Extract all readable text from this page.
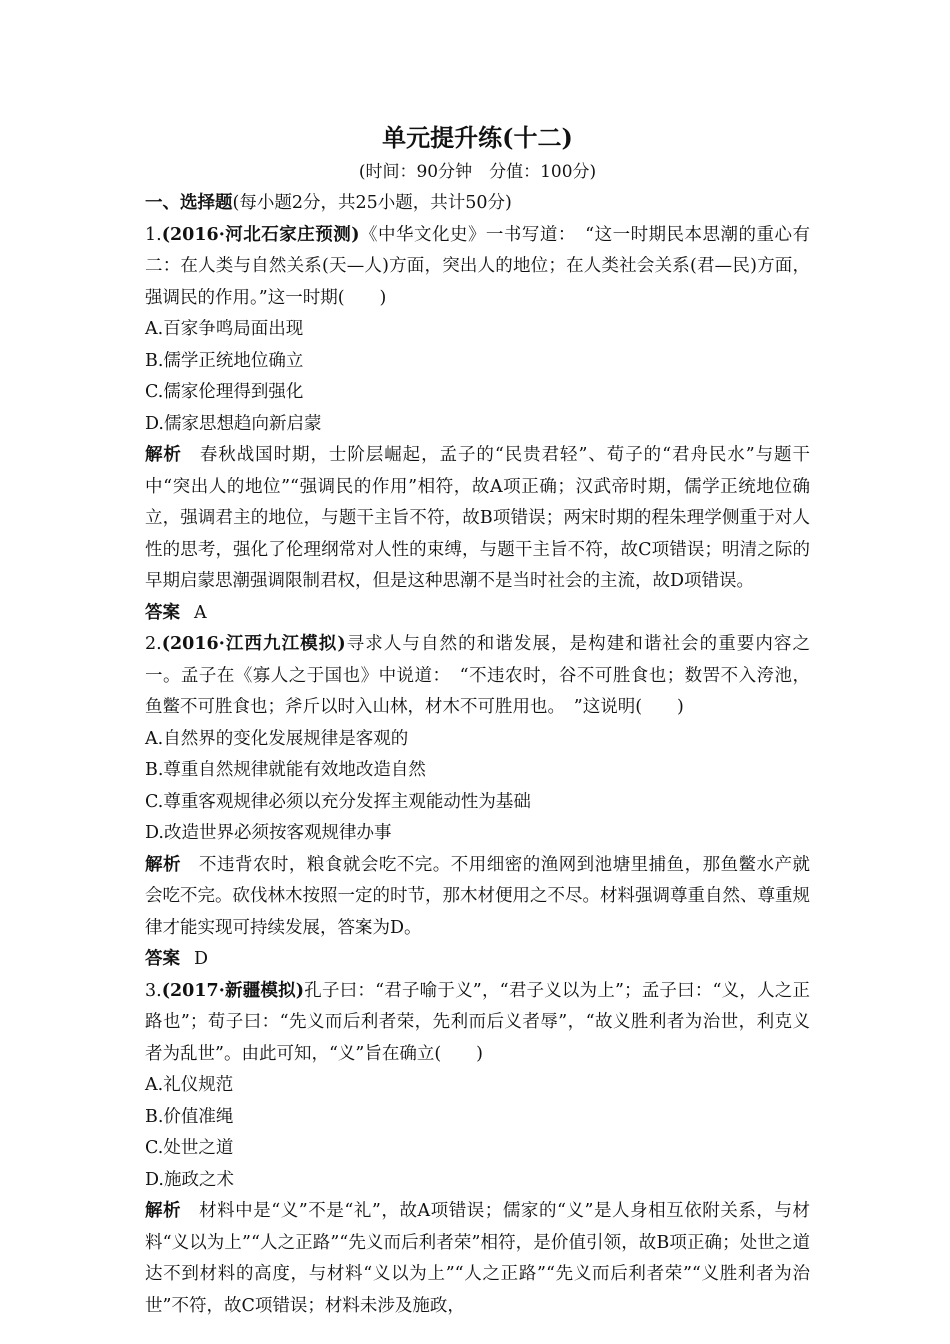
单元提升练(十二)
(时间：90分钟　分值：100分)
一、选择题(每小题2分，共25小题，共计50分)

1.(2016·河北石家庄预测)《中华文化史》一书写道：　“这一时期民本思潮的重心有二：在人类与自然关系(天—人)方面，突出人的地位；在人类社会关系(君—民)方面，强调民的作用。”这一时期(　　)

A.百家争鸣局面出现
B.儒学正统地位确立
C.儒家伦理得到强化
D.儒家思想趋向新启蒙

解析 春秋战国时期，士阶层崛起，孟子的“民贵君轻”、荀子的“君舟民水”与题干中“突出人的地位”“强调民的作用”相符，故A项正确；汉武帝时期，儒学正统地位确立，强调君主的地位，与题干主旨不符，故B项错误；两宋时期的程朱理学侧重于对人性的思考，强化了伦理纲常对人性的束缚，与题干主旨不符，故C项错误；明清之际的早期启蒙思潮强调限制君权，但是这种思潮不是当时社会的主流，故D项错误。

答案 A

2.(2016·江西九江模拟)寻求人与自然的和谐发展，是构建和谐社会的重要内容之一。孟子在《寡人之于国也》中说道：　“不违农时，谷不可胜食也；数罟不入洿池，鱼鳖不可胜食也；斧斤以时入山林，材木不可胜用也。　”这说明(　　)

A.自然界的变化发展规律是客观的
B.尊重自然规律就能有效地改造自然
C.尊重客观规律必须以充分发挥主观能动性为基础
D.改造世界必须按客观规律办事

解析 不违背农时，粮食就会吃不完。不用细密的渔网到池塘里捕鱼，那鱼鳖水产就会吃不完。砍伐林木按照一定的时节，那木材便用之不尽。材料强调尊重自然、尊重规律才能实现可持续发展，答案为D。

答案 D

3.(2017·新疆模拟)孔子曰：“君子喻于义”，“君子义以为上”；孟子曰：“义，人之正路也”；荀子曰：“先义而后利者荣，先利而后义者辱”，“故义胜利者为治世，利克义者为乱世”。由此可知，“义”旨在确立(　　)

A.礼仪规范
B.价值准绳
C.处世之道
D.施政之术

解析 材料中是“义”不是“礼”，故A项错误；儒家的“义”是人身相互依附关系，与材料“义以为上”“人之正路”“先义而后利者荣”相符，是价值引领，故B项正确；处世之道达不到材料的高度，与材料“义以为上”“人之正路”“先义而后利者荣”“义胜利者为治世”不符，故C项错误；材料未涉及施政，
